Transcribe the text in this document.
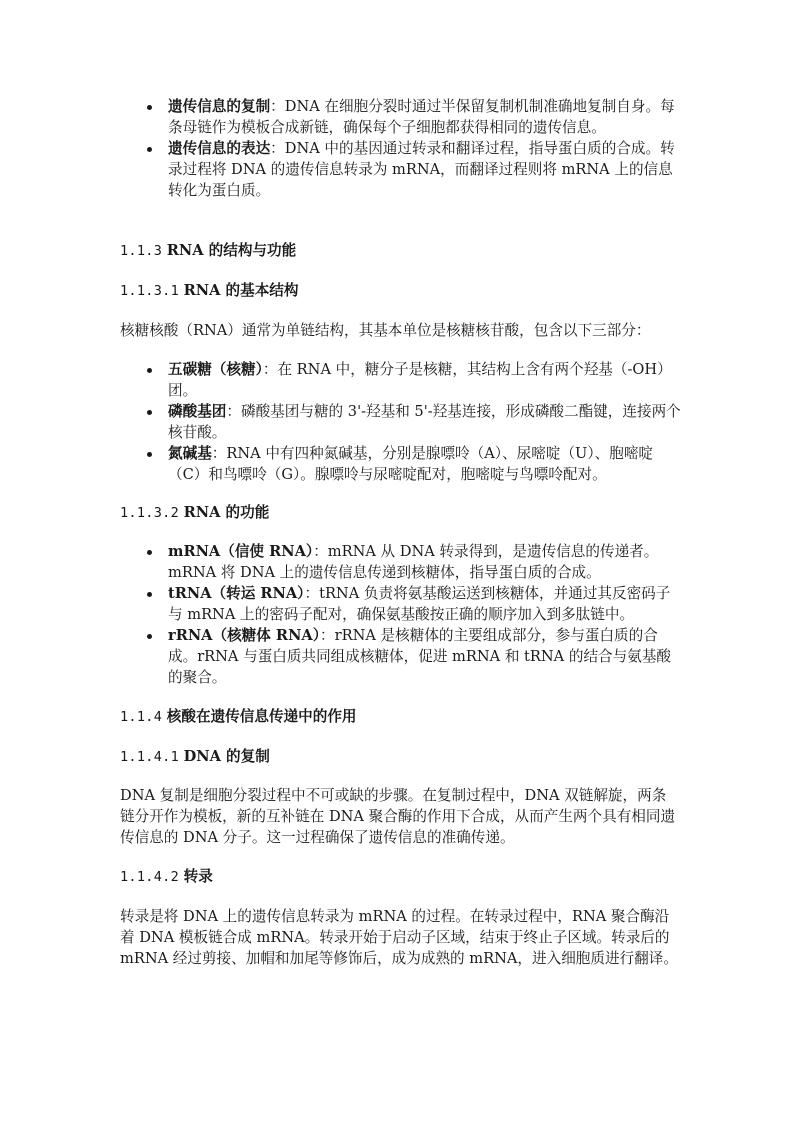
遗传信息的复制：DNA 在细胞分裂时通过半保留复制机制准确地复制自身。每条母链作为模板合成新链，确保每个子细胞都获得相同的遗传信息。
遗传信息的表达：DNA 中的基因通过转录和翻译过程，指导蛋白质的合成。转录过程将 DNA 的遗传信息转录为 mRNA，而翻译过程则将 mRNA 上的信息转化为蛋白质。
1.1.3 RNA 的结构与功能
1.1.3.1 RNA 的基本结构

核糖核酸（RNA）通常为单链结构，其基本单位是核糖核苷酸，包含以下三部分：

五碳糖（核糖）：在 RNA 中，糖分子是核糖，其结构上含有两个羟基（-OH）团。
磷酸基团：磷酸基团与糖的 3'-羟基和 5'-羟基连接，形成磷酸二酯键，连接两个核苷酸。
氮碱基：RNA 中有四种氮碱基，分别是腺嘌呤（A）、尿嘧啶（U）、胞嘧啶（C）和鸟嘌呤（G）。腺嘌呤与尿嘧啶配对，胞嘧啶与鸟嘌呤配对。
1.1.3.2 RNA 的功能
mRNA（信使 RNA）：mRNA 从 DNA 转录得到，是遗传信息的传递者。mRNA 将 DNA 上的遗传信息传递到核糖体，指导蛋白质的合成。
tRNA（转运 RNA）：tRNA 负责将氨基酸运送到核糖体，并通过其反密码子与 mRNA 上的密码子配对，确保氨基酸按正确的顺序加入到多肽链中。
rRNA（核糖体 RNA）：rRNA 是核糖体的主要组成部分，参与蛋白质的合成。rRNA 与蛋白质共同组成核糖体，促进 mRNA 和 tRNA 的结合与氨基酸的聚合。
1.1.4 核酸在遗传信息传递中的作用
1.1.4.1 DNA 的复制

DNA 复制是细胞分裂过程中不可或缺的步骤。在复制过程中，DNA 双链解旋，两条链分开作为模板，新的互补链在 DNA 聚合酶的作用下合成，从而产生两个具有相同遗传信息的 DNA 分子。这一过程确保了遗传信息的准确传递。

1.1.4.2 转录

转录是将 DNA 上的遗传信息转录为 mRNA 的过程。在转录过程中，RNA 聚合酶沿着 DNA 模板链合成 mRNA。转录开始于启动子区域，结束于终止子区域。转录后的 mRNA 经过剪接、加帽和加尾等修饰后，成为成熟的 mRNA，进入细胞质进行翻译。
